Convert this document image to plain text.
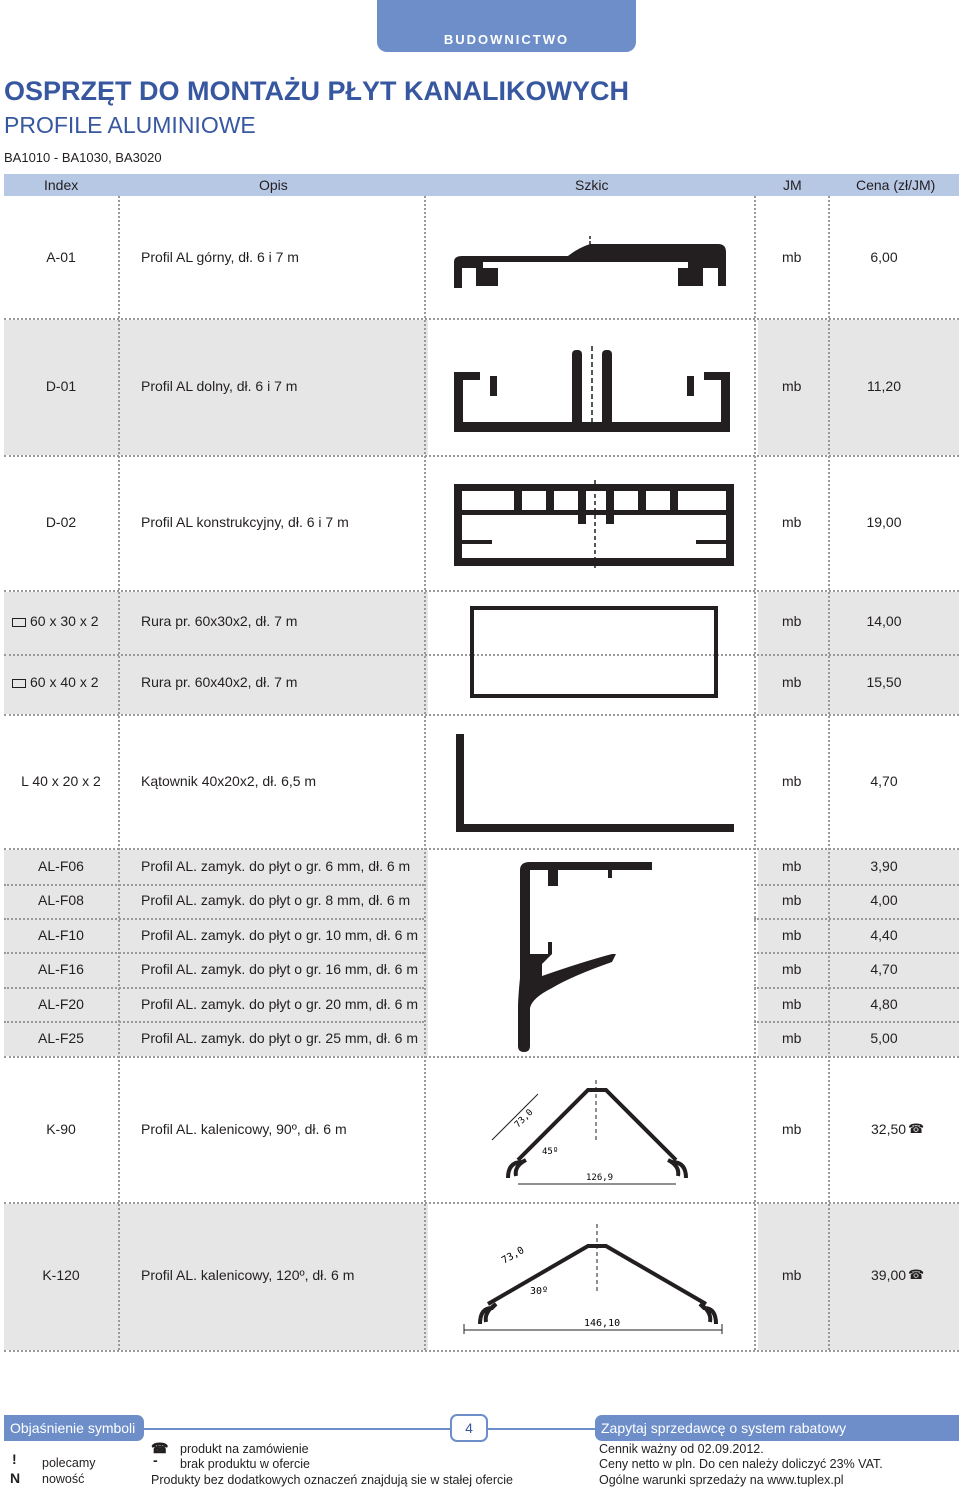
BUDOWNICTWO
OSPRZĘT DO MONTAŻU PŁYT KANALIKOWYCH
PROFILE ALUMINIOWE
BA1010 - BA1030, BA3020
Index	Opis	Szkic	JM	Cena (zł/JM)
A-01	Profil AL górny, dł. 6 i 7 m	mb	6,00
D-01	Profil AL dolny, dł. 6 i 7 m	mb	11,20
D-02	Profil AL konstrukcyjny, dł. 6 i 7 m	mb	19,00
60 x 30 x 2	Rura pr. 60x30x2, dł. 7 m	mb	14,00
60 x 40 x 2	Rura pr. 60x40x2, dł. 7 m	mb	15,50
L 40 x 20 x 2	Kątownik 40x20x2, dł. 6,5 m	mb	4,70
AL-F06	Profil AL. zamyk. do płyt o gr. 6 mm, dł. 6 m	mb	3,90
AL-F08	Profil AL. zamyk. do płyt o gr. 8 mm, dł. 6 m	mb	4,00
AL-F10	Profil AL. zamyk. do płyt o gr. 10 mm, dł. 6 m	mb	4,40
AL-F16	Profil AL. zamyk. do płyt o gr. 16 mm, dł. 6 m	mb	4,70
AL-F20	Profil AL. zamyk. do płyt o gr. 20 mm, dł. 6 m	mb	4,80
AL-F25	Profil AL. zamyk. do płyt o gr. 25 mm, dł. 6 m	mb	5,00
K-90	Profil AL. kalenicowy, 90º, dł. 6 m	mb	32,50 ☎
K-120	Profil AL. kalenicowy, 120º, dł. 6 m	mb	39,00 ☎
73,0
45º
126,9
73,0
30º
146,10
Objaśnienie symboli	4	Zapytaj sprzedawcę o system rabatowy
! polecamy
N nowość
☎ produkt na zamówienie
- brak produktu w ofercie
Produkty bez dodatkowych oznaczeń znajdują sie w stałej ofercie
Cennik ważny od 02.09.2012.
Ceny netto w pln. Do cen należy doliczyć 23% VAT.
Ogólne warunki sprzedaży na www.tuplex.pl
